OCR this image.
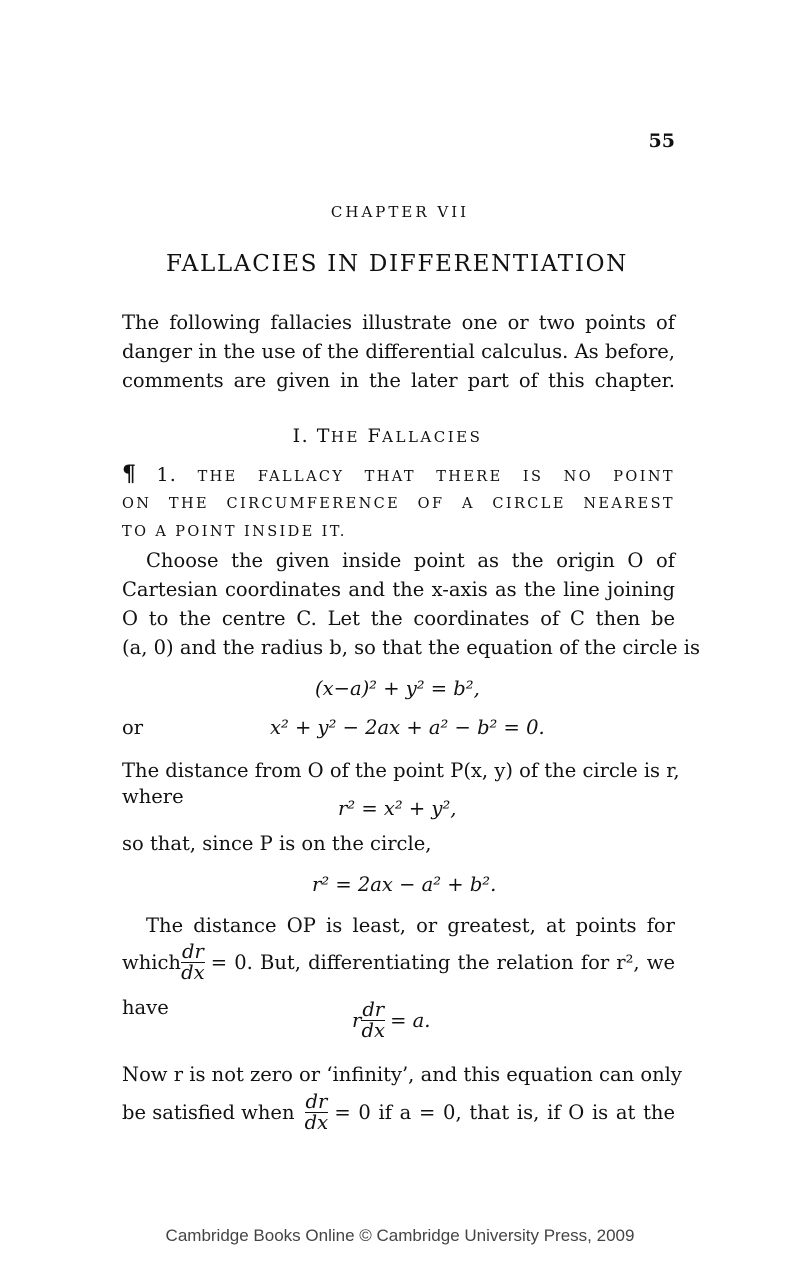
55
CHAPTER VII
FALLACIES IN DIFFERENTIATION
The following fallacies illustrate one or two points of
danger in the use of the differential calculus. As before,
comments are given in the later part of this chapter.
I. THE FALLACIES
¶ 1. THE FALLACY THAT THERE IS NO POINT
ON THE CIRCUMFERENCE OF A CIRCLE NEAREST
TO A POINT INSIDE IT.
Choose the given inside point as the origin O of
Cartesian coordinates and the x-axis as the line joining
O to the centre C. Let the coordinates of C then be
(a, 0) and the radius b, so that the equation of the circle is
(x−a)² + y² = b²,
or	x² + y² − 2ax + a² − b² = 0.
The distance from O of the point P(x, y) of the circle is r,
where
r² = x² + y²,
so that, since P is on the circle,
r² = 2ax − a² + b².
The distance OP is least, or greatest, at points for
which $\frac{dr}{dx} = 0$. But, differentiating the relation for r², we
have
r $\frac{dr}{dx} = a$.
Now r is not zero or ‘infinity’, and this equation can only
be satisfied when $\frac{dr}{dx} = 0$ if a = 0, that is, if O is at the
Cambridge Books Online © Cambridge University Press, 2009
